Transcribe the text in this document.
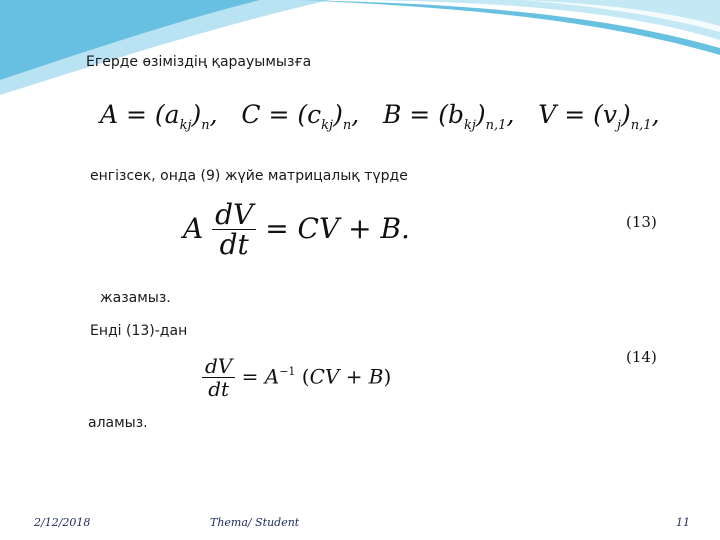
Егерде өзіміздің қарауымызға
$A = (a_{kj})_n$,   $C = (c_{kj})_n$,   $B = (b_{kj})_{n,1}$,   $V = (v_j)_{n,1}$,
енгізсек, онда (9) жүйе матрицалық түрде
A $\frac{dV}{dt}$ = CV + B.	(13)
жазамыз.
Енді (13)-дан
(14)
$\frac{dV}{dt} = A^{-1}$ (CV + B)
аламыз.
2/12/2018	Thema/ Student	11
